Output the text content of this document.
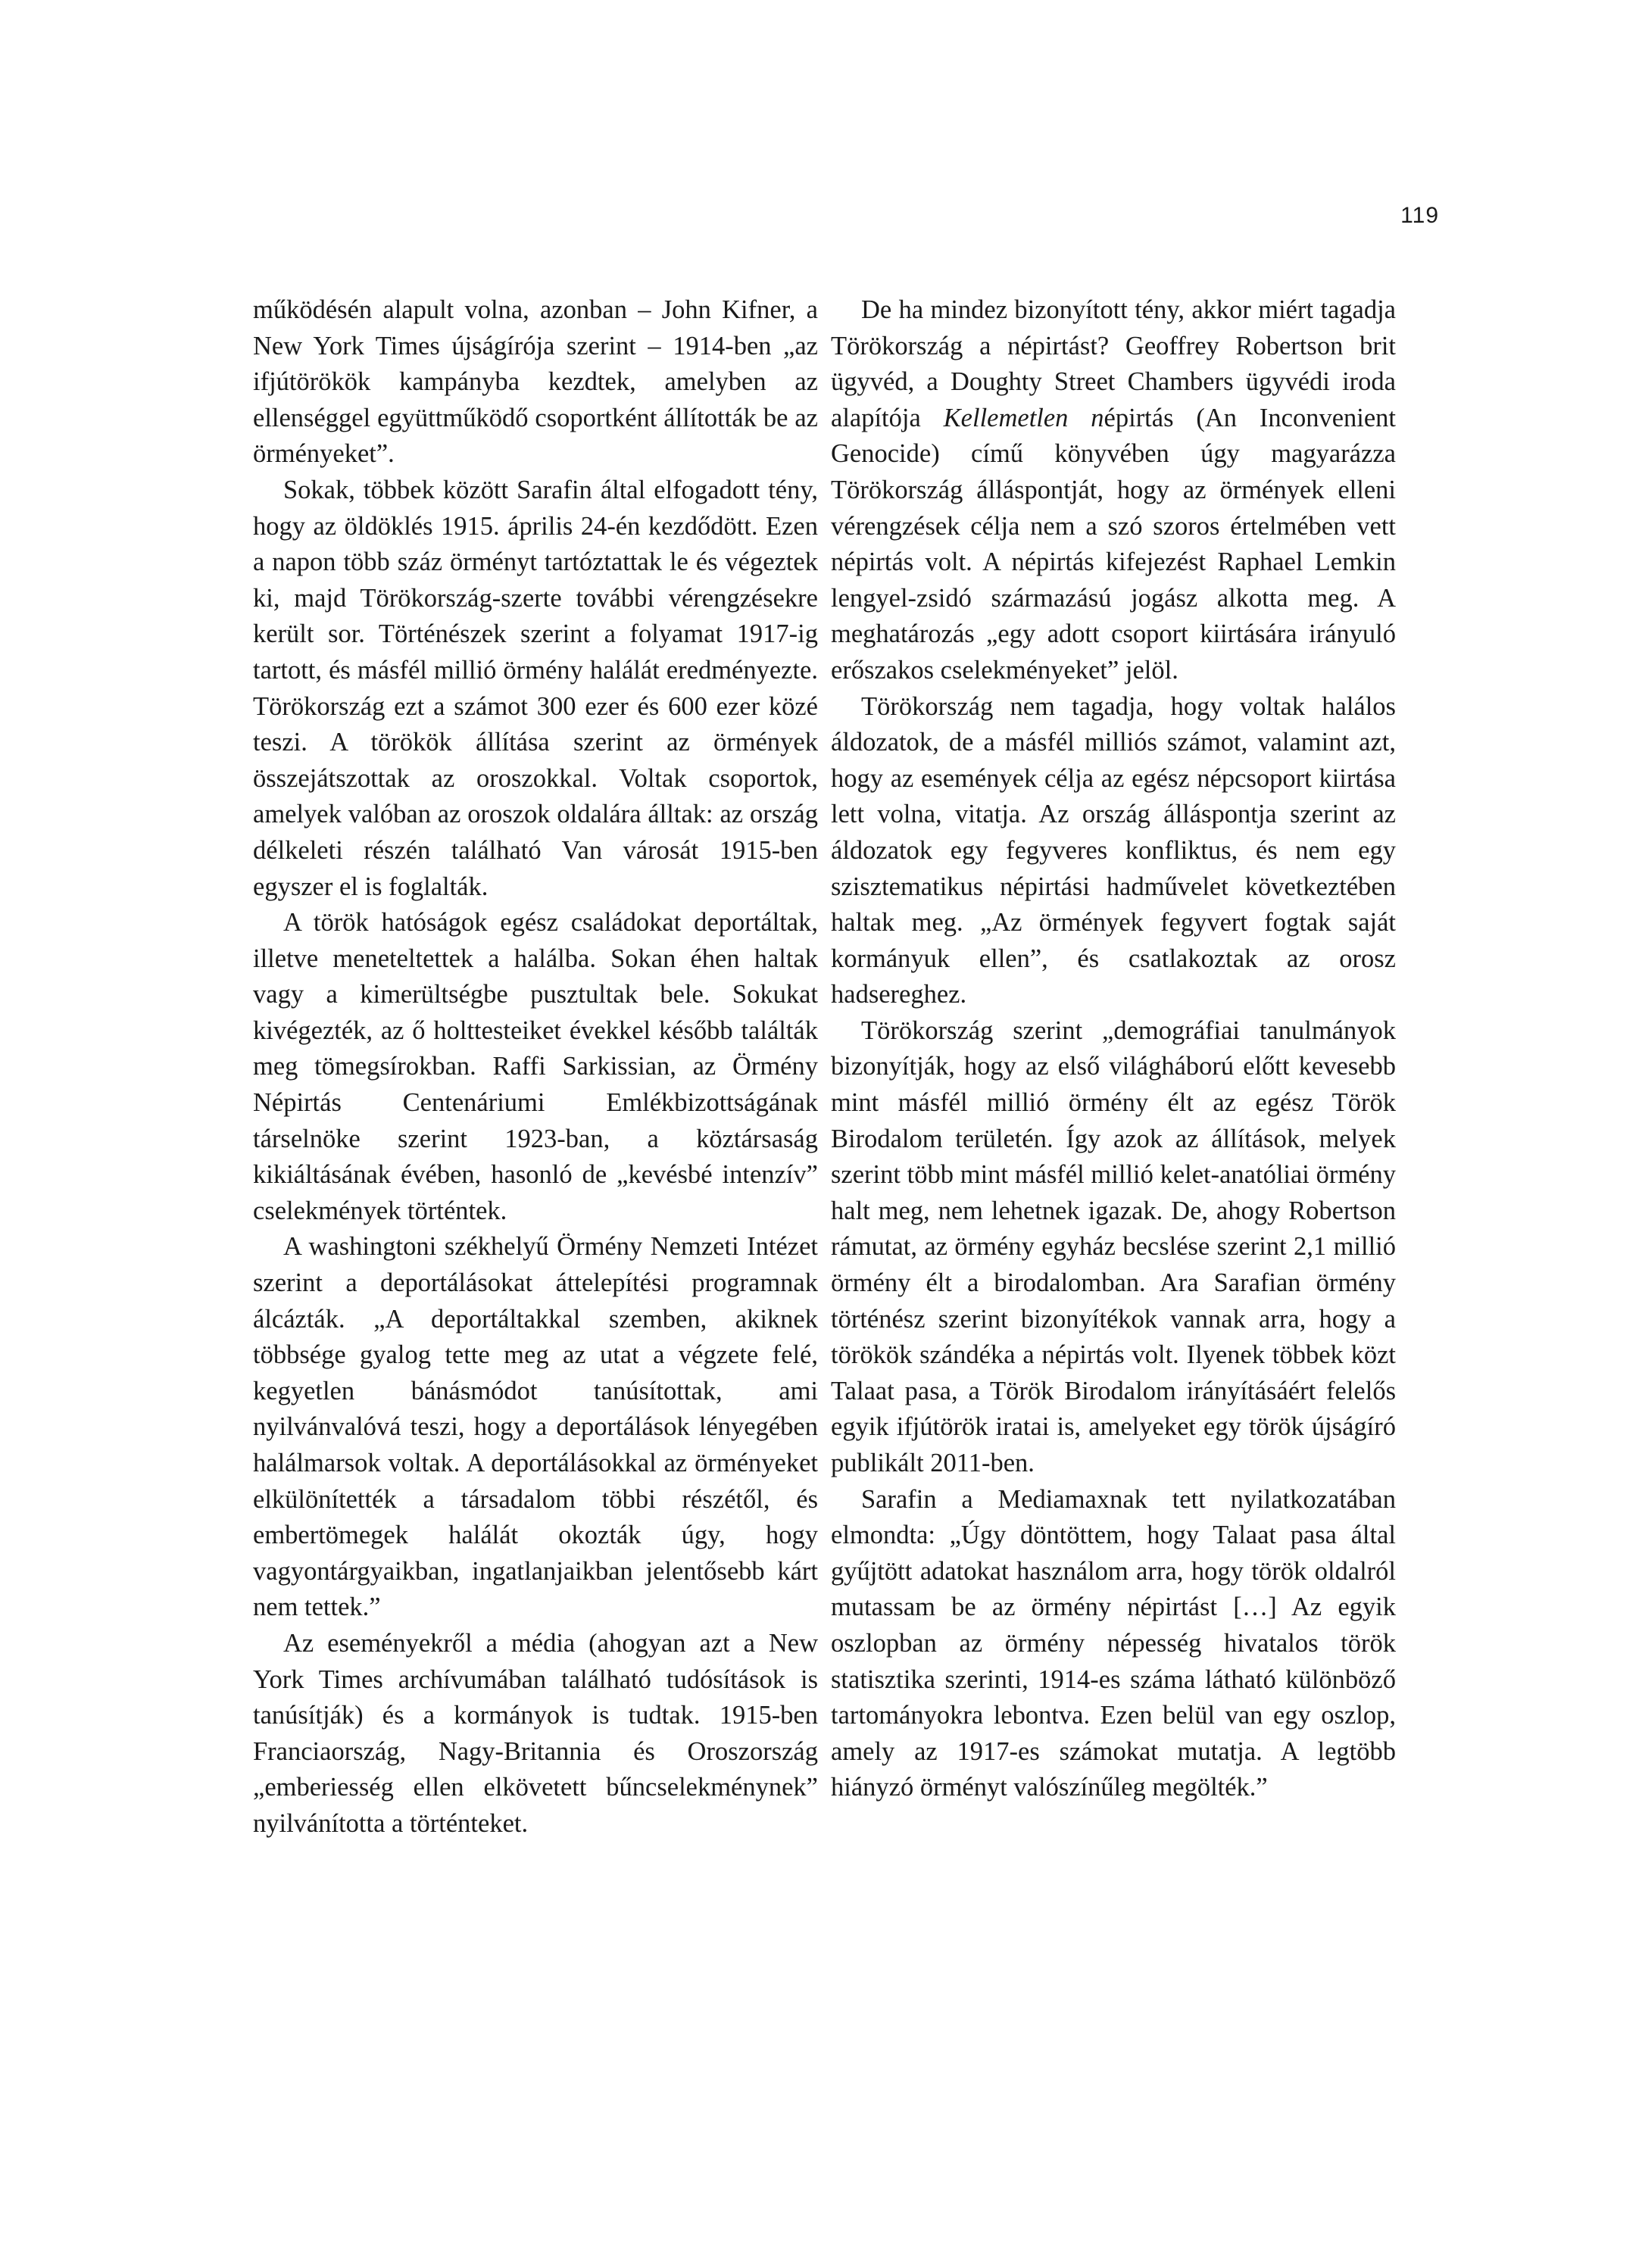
119

működésén alapult volna, azonban – John Kifner, a New York Times újságírója szerint – 1914-ben „az ifjútörökök kampányba kezdtek, amelyben az ellenséggel együttműködő csoportként állították be az örményeket”.

Sokak, többek között Sarafin által elfogadott tény, hogy az öldöklés 1915. április 24-én kezdődött. Ezen a napon több száz örményt tartóztattak le és végeztek ki, majd Törökország-szerte további vérengzésekre került sor. Történészek szerint a folyamat 1917-ig tartott, és másfél millió örmény halálát eredményezte. Törökország ezt a számot 300 ezer és 600 ezer közé teszi. A törökök állítása szerint az örmények összejátszottak az oroszokkal. Voltak csoportok, amelyek valóban az oroszok oldalára álltak: az ország délkeleti részén található Van városát 1915-ben egyszer el is foglalták.

A török hatóságok egész családokat deportáltak, illetve meneteltettek a halálba. Sokan éhen haltak vagy a kimerültségbe pusztultak bele. Sokukat kivégezték, az ő holttesteiket évekkel később találták meg tömegsírokban. Raffi Sarkissian, az Örmény Népirtás Centenáriumi Emlékbizottságának társelnöke szerint 1923-ban, a köztársaság kikiáltásának évében, hasonló de „kevésbé intenzív” cselekmények történtek.

A washingtoni székhelyű Örmény Nemzeti Intézet szerint a deportálásokat áttelepítési programnak álcázták. „A deportáltakkal szemben, akiknek többsége gyalog tette meg az utat a végzete felé, kegyetlen bánásmódot tanúsítottak, ami nyilvánvalóvá teszi, hogy a deportálások lényegében halálmarsok voltak. A deportálásokkal az örményeket elkülönítették a társadalom többi részétől, és embertömegek halálát okozták úgy, hogy vagyontárgyaikban, ingatlanjaikban jelentősebb kárt nem tettek.”

Az eseményekről a média (ahogyan azt a New York Times archívumában található tudósítások is tanúsítják) és a kormányok is tudtak. 1915-ben Franciaország, Nagy-Britannia és Oroszország „emberiesség ellen elkövetett bűncselekménynek” nyilvánította a történteket.

De ha mindez bizonyított tény, akkor miért tagadja Törökország a népirtást? Geoffrey Robertson brit ügyvéd, a Doughty Street Chambers ügyvédi iroda alapítója Kellemetlen népirtás (An Inconvenient Genocide) című könyvében úgy magyarázza Törökország álláspontját, hogy az örmények elleni vérengzések célja nem a szó szoros értelmében vett népirtás volt. A népirtás kifejezést Raphael Lemkin lengyel-zsidó származású jogász alkotta meg. A meghatározás „egy adott csoport kiirtására irányuló erőszakos cselekményeket” jelöl.

Törökország nem tagadja, hogy voltak halálos áldozatok, de a másfél milliós számot, valamint azt, hogy az események célja az egész népcsoport kiirtása lett volna, vitatja. Az ország álláspontja szerint az áldozatok egy fegyveres konfliktus, és nem egy szisztematikus népirtási hadművelet következtében haltak meg. „Az örmények fegyvert fogtak saját kormányuk ellen”, és csatlakoztak az orosz hadsereghez.

Törökország szerint „demográfiai tanulmányok bizonyítják, hogy az első világháború előtt kevesebb mint másfél millió örmény élt az egész Török Birodalom területén. Így azok az állítások, melyek szerint több mint másfél millió kelet-anatóliai örmény halt meg, nem lehetnek igazak. De, ahogy Robertson rámutat, az örmény egyház becslése szerint 2,1 millió örmény élt a birodalomban. Ara Sarafian örmény történész szerint bizonyítékok vannak arra, hogy a törökök szándéka a népirtás volt. Ilyenek többek közt Talaat pasa, a Török Birodalom irányításáért felelős egyik ifjútörök iratai is, amelyeket egy török újságíró publikált 2011-ben.

Sarafin a Mediamaxnak tett nyilatkozatában elmondta: „Úgy döntöttem, hogy Talaat pasa által gyűjtött adatokat használom arra, hogy török oldalról mutassam be az örmény népirtást […] Az egyik oszlopban az örmény népesség hivatalos török statisztika szerinti, 1914-es száma látható különböző tartományokra lebontva. Ezen belül van egy oszlop, amely az 1917-es számokat mutatja. A legtöbb hiányzó örményt valószínűleg megölték.”
